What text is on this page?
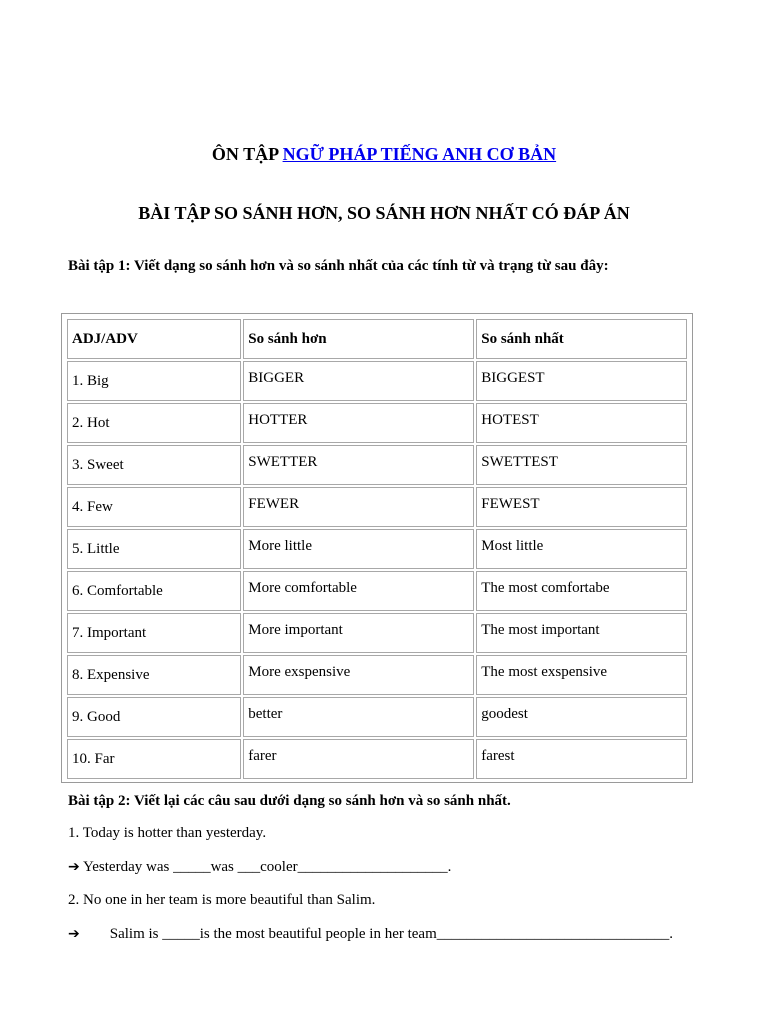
ÔN TẬP NGỮ PHÁP TIẾNG ANH CƠ BẢN
BÀI TẬP SO SÁNH HƠN, SO SÁNH HƠN NHẤT CÓ ĐÁP ÁN

Bài tập 1: Viết dạng so sánh hơn và so sánh nhất của các tính từ và trạng từ sau đây:

ADJ/ADV	So sánh hơn	So sánh nhất
1. Big	BIGGER	BIGGEST
2. Hot	HOTTER	HOTEST
3. Sweet	SWETTER	SWETTEST
4. Few	FEWER	FEWEST
5. Little	More little	Most little
6. Comfortable	More comfortable	The most comfortabe
7. Important	More important	The most important
8. Expensive	More exspensive	The most exspensive
9. Good	better	goodest
10. Far	farer	farest

Bài tập 2: Viết lại các câu sau dưới dạng so sánh hơn và so sánh nhất.

1. Today is hotter than yesterday.

➔ Yesterday was _____was ___cooler____________________.

2. No one in her team is more beautiful than Salim.

➔ Salim is _____is the most beautiful people in her team_______________________________.
